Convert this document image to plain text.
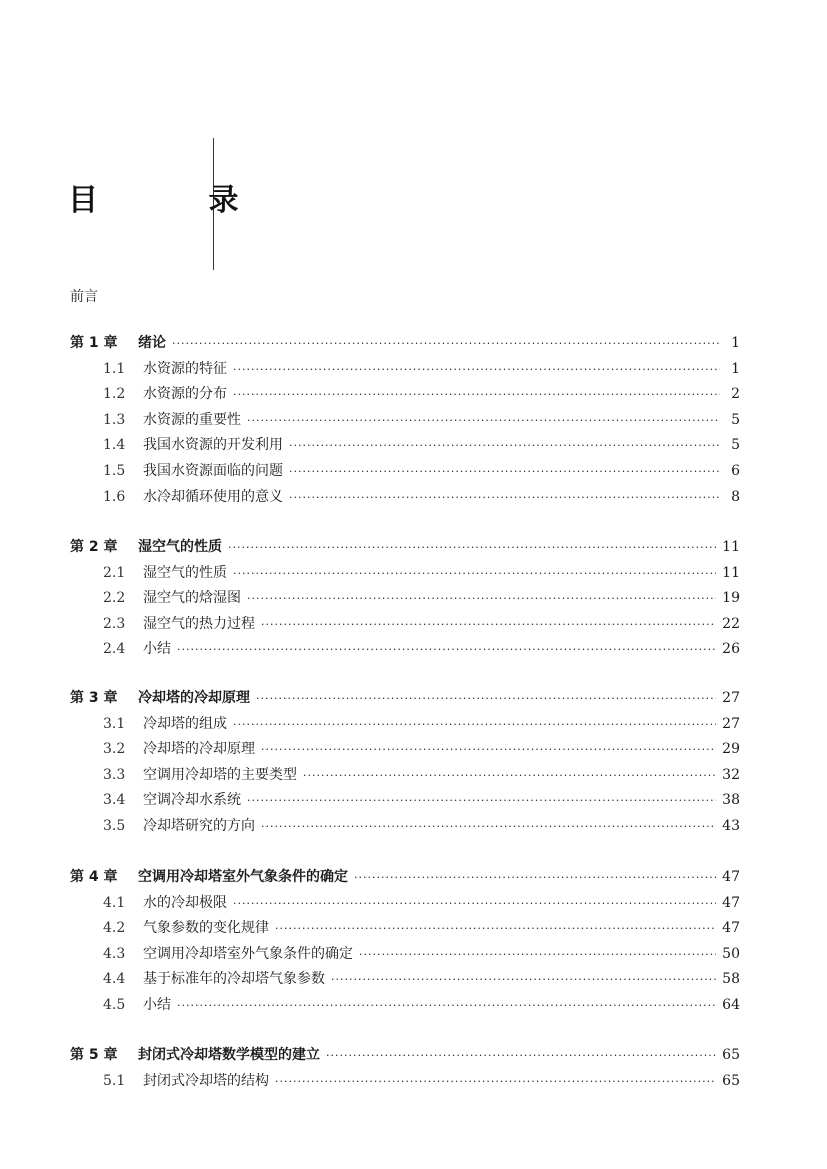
目 录
前言
第 1 章	绪论 ·····	1
1.1	水资源的特征 ·····	1
1.2	水资源的分布 ·····	2
1.3	水资源的重要性 ·····	5
1.4	我国水资源的开发利用 ·····	5
1.5	我国水资源面临的问题 ·····	6
1.6	水冷却循环使用的意义 ·····	8
第 2 章	湿空气的性质 ·····	11
2.1	湿空气的性质 ·····	11
2.2	湿空气的焓湿图 ·····	19
2.3	湿空气的热力过程 ·····	22
2.4	小结 ·····	26
第 3 章	冷却塔的冷却原理 ·····	27
3.1	冷却塔的组成 ·····	27
3.2	冷却塔的冷却原理 ·····	29
3.3	空调用冷却塔的主要类型 ·····	32
3.4	空调冷却水系统 ·····	38
3.5	冷却塔研究的方向 ·····	43
第 4 章	空调用冷却塔室外气象条件的确定 ·····	47
4.1	水的冷却极限 ·····	47
4.2	气象参数的变化规律 ·····	47
4.3	空调用冷却塔室外气象条件的确定 ·····	50
4.4	基于标准年的冷却塔气象参数 ·····	58
4.5	小结 ·····	64
第 5 章	封闭式冷却塔数学模型的建立 ·····	65
5.1	封闭式冷却塔的结构 ·····	65
